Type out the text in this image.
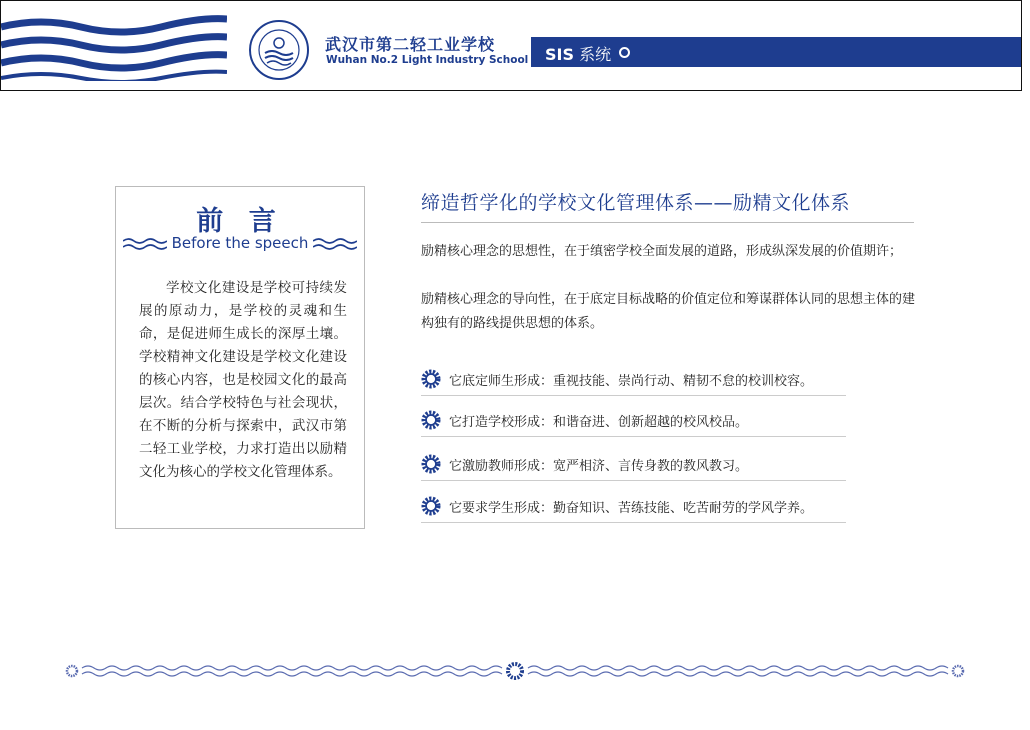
武汉市第二轻工业学校
Wuhan No.2 Light Industry School SIS 系统
前 言
Before the speech
学校文化建设是学校可持续发展的原动力，是学校的灵魂和生命，是促进师生成长的深厚土壤。学校精神文化建设是学校文化建设的核心内容，也是校园文化的最高层次。结合学校特色与社会现状，在不断的分析与探索中，武汉市第二轻工业学校，力求打造出以励精文化为核心的学校文化管理体系。
缔造哲学化的学校文化管理体系——励精文化体系
励精核心理念的思想性，在于缜密学校全面发展的道路，形成纵深发展的价值期许；
励精核心理念的导向性，在于底定目标战略的价值定位和筹谋群体认同的思想主体的建构独有的路线提供思想的体系。
它底定师生形成：重视技能、崇尚行动、精韧不怠的校训校容。
它打造学校形成：和谐奋进、创新超越的校风校品。
它激励教师形成：宽严相济、言传身教的教风教习。
它要求学生形成：勤奋知识、苦练技能、吃苦耐劳的学风学养。
